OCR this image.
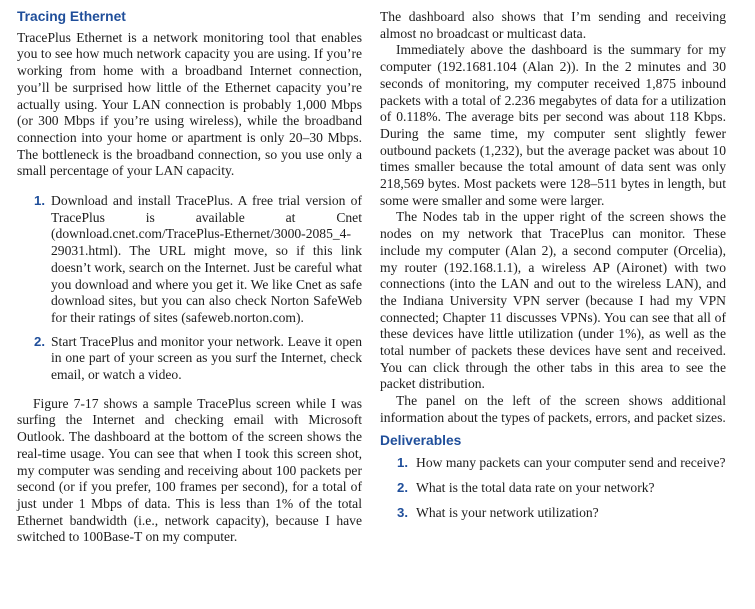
Tracing Ethernet

TracePlus Ethernet is a network monitoring tool that enables you to see how much network capacity you are using. If you’re working from home with a broadband Internet connection, you’ll be surprised how little of the Ethernet capacity you’re actually using. Your LAN connection is probably 1,000 Mbps (or 300 Mbps if you’re using wireless), while the broadband connection into your home or apartment is only 20–30 Mbps. The bottleneck is the broadband connection, so you use only a small percentage of your LAN capacity.

1. Download and install TracePlus. A free trial version of TracePlus is available at Cnet (download.cnet.com/TracePlus-Ethernet/3000-2085_4-29031.html). The URL might move, so if this link doesn’t work, search on the Internet. Just be careful what you download and where you get it. We like Cnet as safe download sites, but you can also check Norton SafeWeb for their ratings of sites (safeweb.norton.com).
2. Start TracePlus and monitor your network. Leave it open in one part of your screen as you surf the Internet, check email, or watch a video.

Figure 7-17 shows a sample TracePlus screen while I was surfing the Internet and checking email with Microsoft Outlook. The dashboard at the bottom of the screen shows the real-time usage. You can see that when I took this screen shot, my computer was sending and receiving about 100 packets per second (or if you prefer, 100 frames per second), for a total of just under 1 Mbps of data. This is less than 1% of the total Ethernet bandwidth (i.e., network capacity), because I have switched to 100Base-T on my computer.

The dashboard also shows that I’m sending and receiving almost no broadcast or multicast data.

Immediately above the dashboard is the summary for my computer (192.1681.104 (Alan 2)). In the 2 minutes and 30 seconds of monitoring, my computer received 1,875 inbound packets with a total of 2.236 megabytes of data for a utilization of 0.118%. The average bits per second was about 118 Kbps. During the same time, my computer sent slightly fewer outbound packets (1,232), but the average packet was about 10 times smaller because the total amount of data sent was only 218,569 bytes. Most packets were 128–511 bytes in length, but some were smaller and some were larger.

The Nodes tab in the upper right of the screen shows the nodes on my network that TracePlus can monitor. These include my computer (Alan 2), a second computer (Orcelia), my router (192.168.1.1), a wireless AP (Aironet) with two connections (into the LAN and out to the wireless LAN), and the Indiana University VPN server (because I had my VPN connected; Chapter 11 discusses VPNs). You can see that all of these devices have little utilization (under 1%), as well as the total number of packets these devices have sent and received. You can click through the other tabs in this area to see the packet distribution.

The panel on the left of the screen shows additional information about the types of packets, errors, and packet sizes.

Deliverables
1. How many packets can your computer send and receive?
2. What is the total data rate on your network?
3. What is your network utilization?
